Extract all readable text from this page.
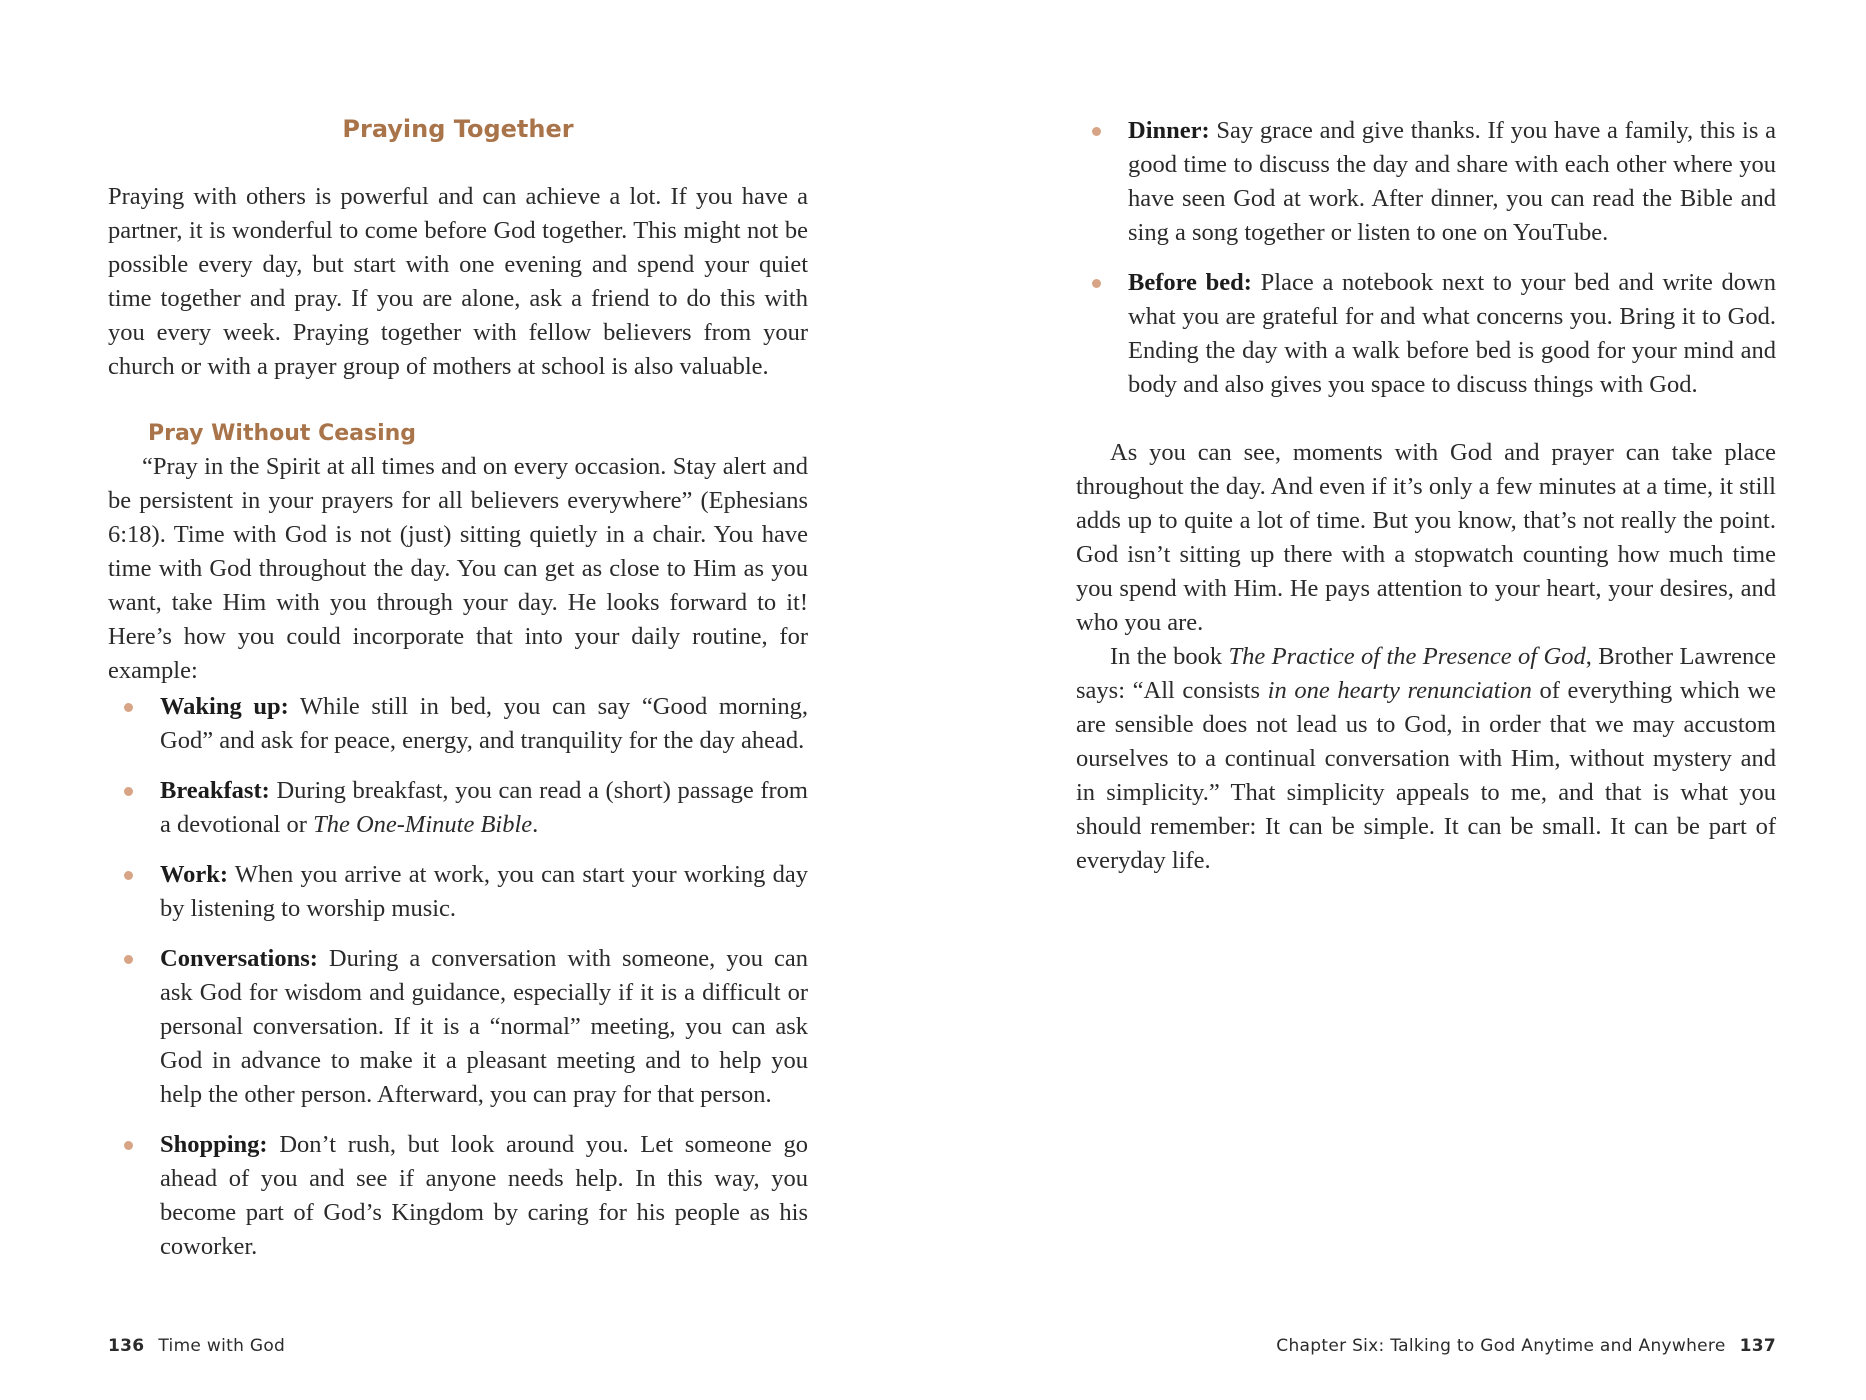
Praying Together

Praying with others is powerful and can achieve a lot. If you have a partner, it is wonderful to come before God together. This might not be possible every day, but start with one evening and spend your quiet time together and pray. If you are alone, ask a friend to do this with you every week. Praying together with fellow believers from your church or with a prayer group of mothers at school is also valuable.

Pray Without Ceasing

“Pray in the Spirit at all times and on every occasion. Stay alert and be persistent in your prayers for all believers everywhere” (Ephesians 6:18). Time with God is not (just) sitting quietly in a chair. You have time with God throughout the day. You can get as close to Him as you want, take Him with you through your day. He looks forward to it! Here’s how you could incorporate that into your daily routine, for example:

Waking up: While still in bed, you can say “Good morning, God” and ask for peace, energy, and tranquility for the day ahead.
Breakfast: During breakfast, you can read a (short) passage from a devotional or The One-Minute Bible.
Work: When you arrive at work, you can start your working day by listening to worship music.
Conversations: During a conversation with someone, you can ask God for wisdom and guidance, especially if it is a difficult or personal conversation. If it is a “normal” meeting, you can ask God in advance to make it a pleasant meeting and to help you help the other person. Afterward, you can pray for that person.
Shopping: Don’t rush, but look around you. Let someone go ahead of you and see if anyone needs help. In this way, you become part of God’s Kingdom by caring for his people as his coworker.
Dinner: Say grace and give thanks. If you have a family, this is a good time to discuss the day and share with each other where you have seen God at work. After dinner, you can read the Bible and sing a song together or listen to one on YouTube.
Before bed: Place a notebook next to your bed and write down what you are grateful for and what concerns you. Bring it to God. Ending the day with a walk before bed is good for your mind and body and also gives you space to discuss things with God.

As you can see, moments with God and prayer can take place throughout the day. And even if it’s only a few minutes at a time, it still adds up to quite a lot of time. But you know, that’s not really the point. God isn’t sitting up there with a stopwatch counting how much time you spend with Him. He pays attention to your heart, your desires, and who you are.

In the book The Practice of the Presence of God, Brother Lawrence says: “All consists in one hearty renunciation of everything which we are sensible does not lead us to God, in order that we may accustom ourselves to a continual conversation with Him, without mystery and in simplicity.” That simplicity appeals to me, and that is what you should remember: It can be simple. It can be small. It can be part of everyday life.

136 Time with God	Chapter Six: Talking to God Anytime and Anywhere 137
